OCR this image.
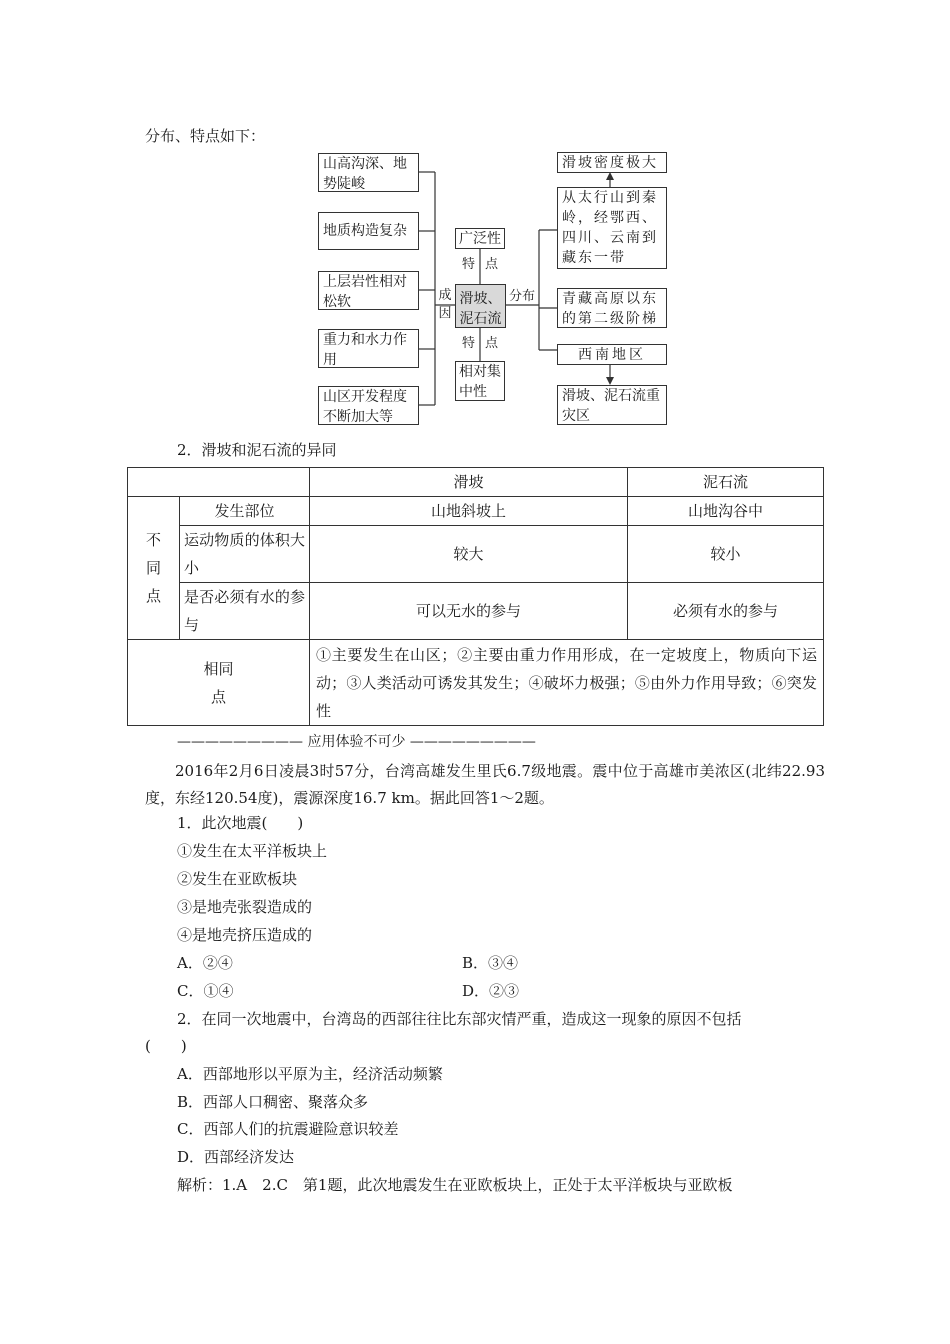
分布、特点如下：
山高沟深、地势陡峻
地质构造复杂
上层岩性相对松软
重力和水力作用
山区开发程度不断加大等
成因
广泛性
特点
滑坡、泥石流
特点
相对集中性
分布
滑坡密度极大
从太行山到秦岭，经鄂西、四川、云南到藏东一带
青藏高原以东的第二级阶梯
西南地区
滑坡、泥石流重灾区
2．滑坡和泥石流的异同
		滑坡	泥石流
不同点	发生部位	山地斜坡上	山地沟谷中
	运动物质的体积大小	较大	较小
	是否必须有水的参与	可以无水的参与	必须有水的参与
相同点		①主要发生在山区；②主要由重力作用形成，在一定坡度上，物质向下运动；③人类活动可诱发其发生；④破坏力极强；⑤由外力作用导致；⑥突发性	
————————— 应用体验不可少 —————————
2016年2月6日凌晨3时57分，台湾高雄发生里氏6.7级地震。震中位于高雄市美浓区(北纬22.93度，东经120.54度)，震源深度16.7 km。据此回答1～2题。
1．此次地震(　　)
①发生在太平洋板块上
②发生在亚欧板块
③是地壳张裂造成的
④是地壳挤压造成的
A．②④	B．③④
C．①④	D．②③
2．在同一次地震中，台湾岛的西部往往比东部灾情严重，造成这一现象的原因不包括
(　　)
A．西部地形以平原为主，经济活动频繁
B．西部人口稠密、聚落众多
C．西部人们的抗震避险意识较差
D．西部经济发达
解析：1.A　2.C　第1题，此次地震发生在亚欧板块上，正处于太平洋板块与亚欧板
